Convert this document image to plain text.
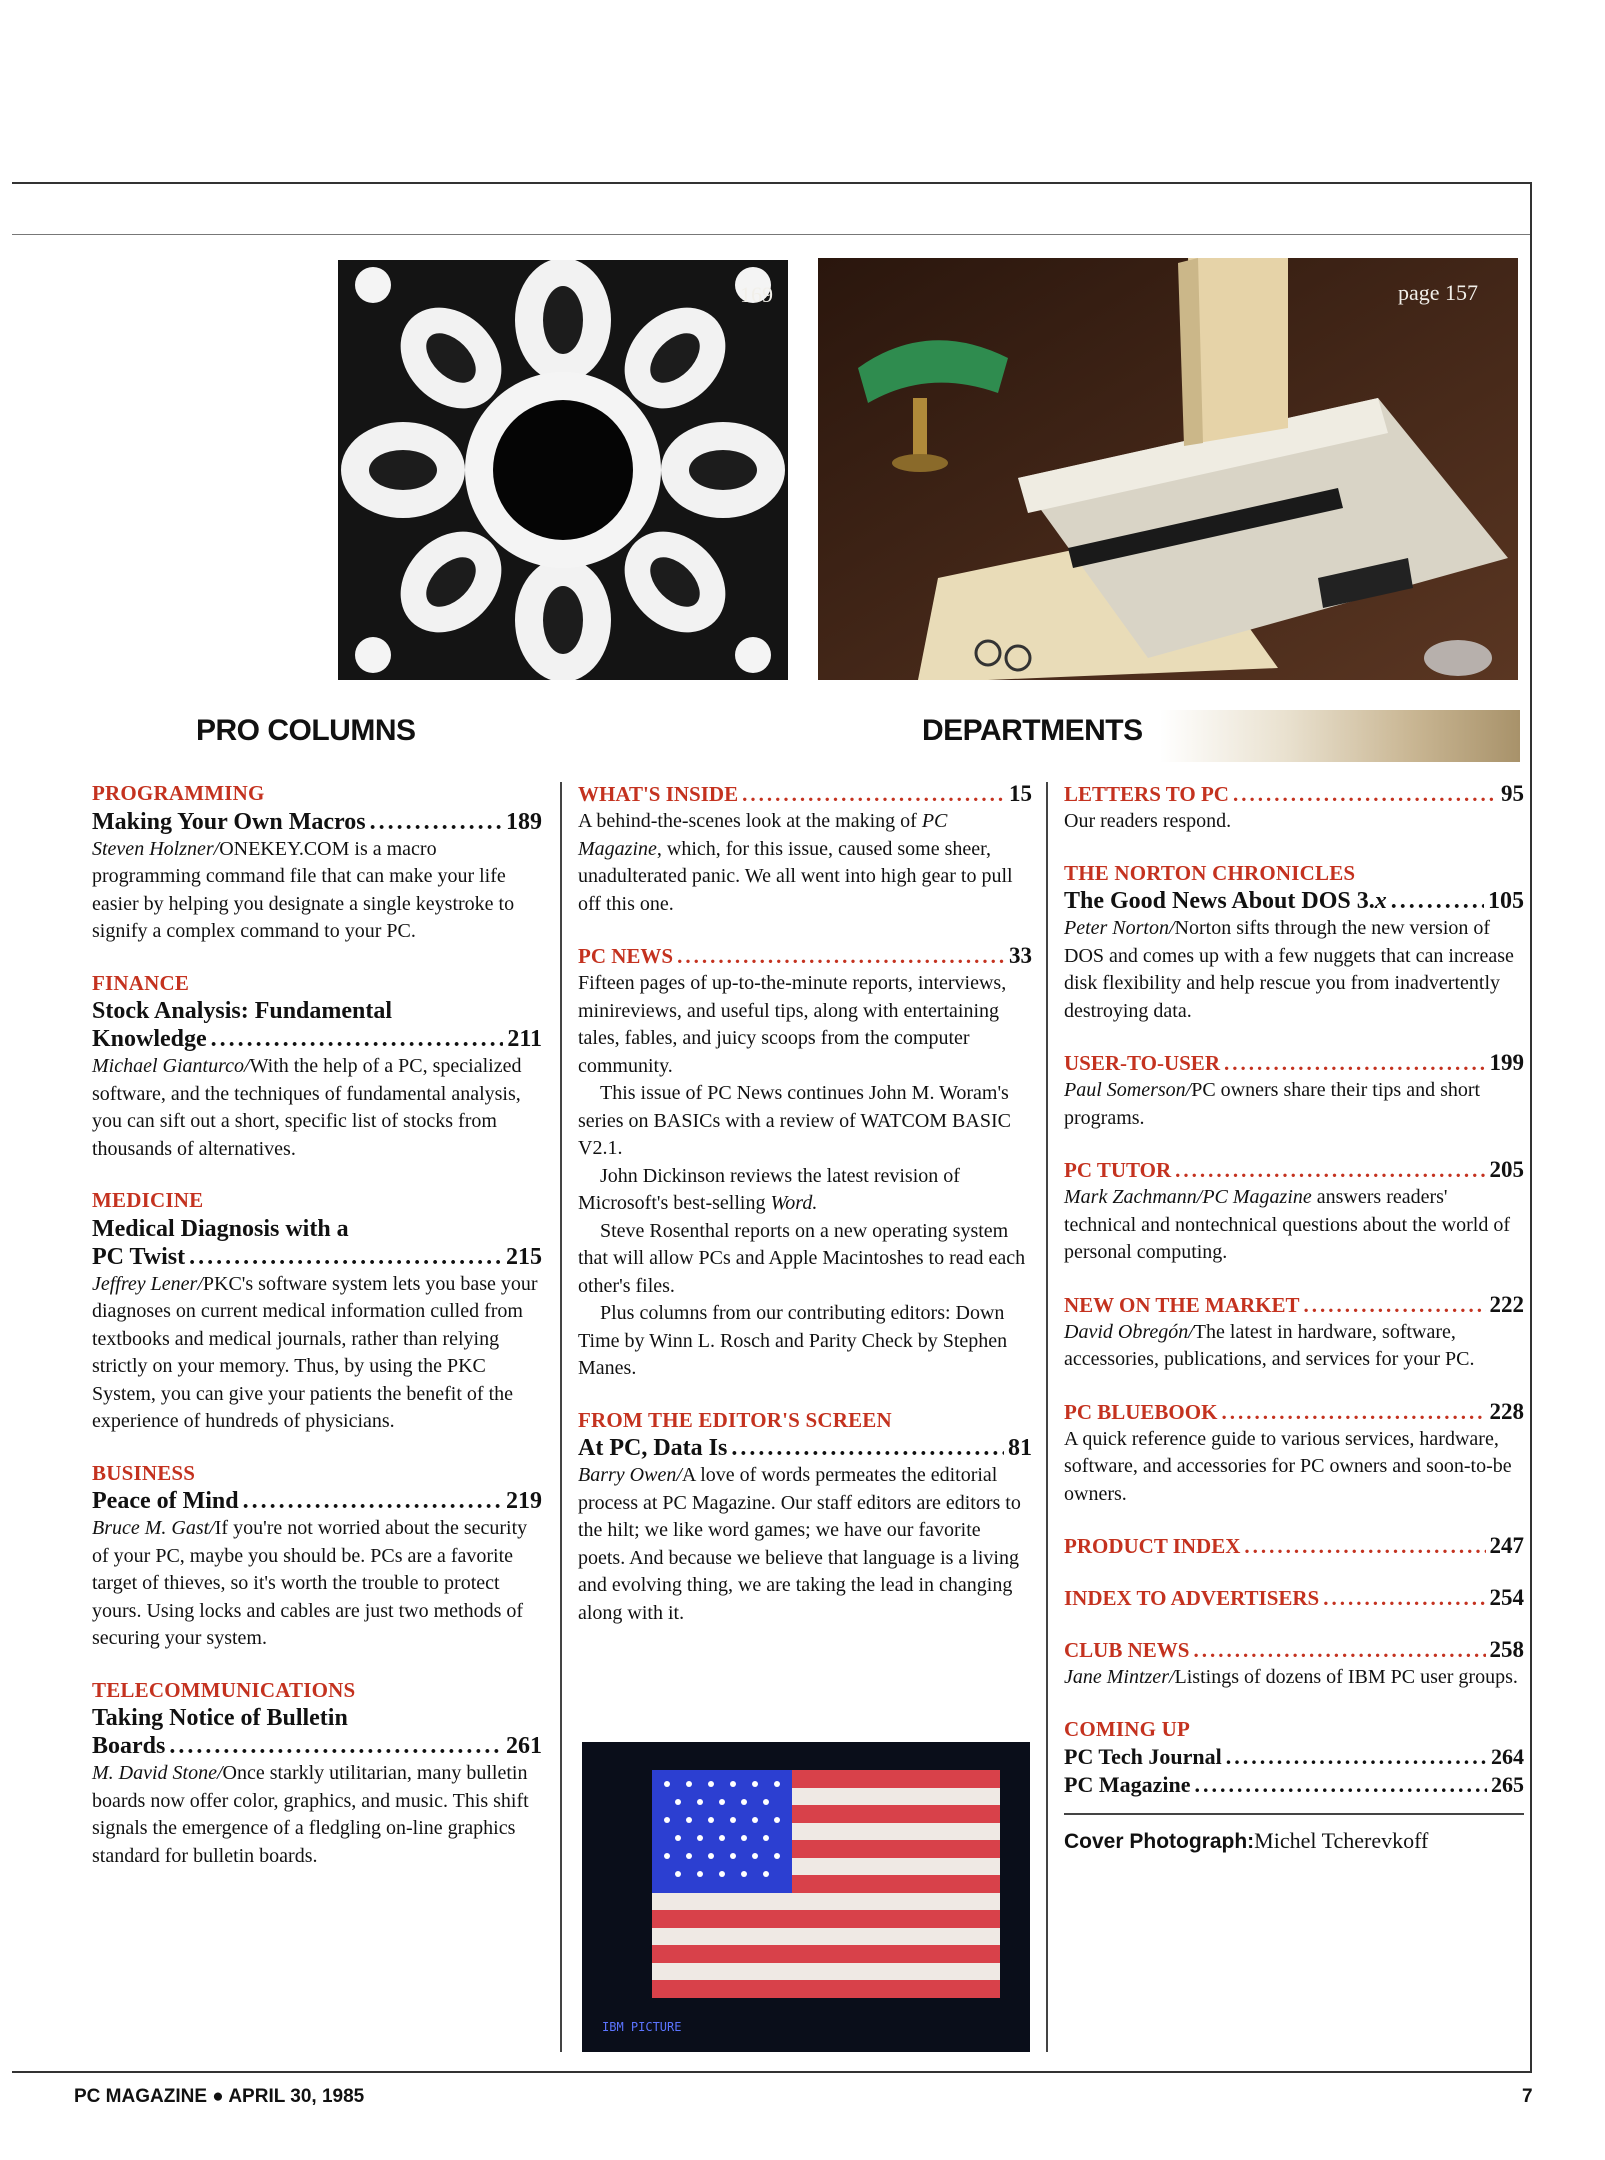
169	page 157
PRO COLUMNS	DEPARTMENTS
PROGRAMMING
Making Your Own Macros .....	189
Steven Holzner/ONEKEY.COM is a macro programming command file that can make your life easier by helping you designate a single keystroke to signify a complex command to your PC.
FINANCE
Stock Analysis: Fundamental
Knowledge .....	211
Michael Gianturco/With the help of a PC, specialized software, and the techniques of fundamental analysis, you can sift out a short, specific list of stocks from thousands of alternatives.
MEDICINE
Medical Diagnosis with a
PC Twist .....	215
Jeffrey Lener/PKC's software system lets you base your diagnoses on current medical information culled from textbooks and medical journals, rather than relying strictly on your memory. Thus, by using the PKC System, you can give your patients the benefit of the experience of hundreds of physicians.
BUSINESS
Peace of Mind .....	219
Bruce M. Gast/If you're not worried about the security of your PC, maybe you should be. PCs are a favorite target of thieves, so it's worth the trouble to protect yours. Using locks and cables are just two methods of securing your system.
TELECOMMUNICATIONS
Taking Notice of Bulletin
Boards .....	261
M. David Stone/Once starkly utilitarian, many bulletin boards now offer color, graphics, and music. This shift signals the emergence of a fledgling on-line graphics standard for bulletin boards.
WHAT'S INSIDE .....	15
A behind-the-scenes look at the making of PC Magazine, which, for this issue, caused some sheer, unadulterated panic. We all went into high gear to pull off this one.
PC NEWS .....	33
Fifteen pages of up-to-the-minute reports, interviews, minireviews, and useful tips, along with entertaining tales, fables, and juicy scoops from the computer community.
This issue of PC News continues John M. Woram's series on BASICs with a review of WATCOM BASIC V2.1.
John Dickinson reviews the latest revision of Microsoft's best-selling Word.
Steve Rosenthal reports on a new operating system that will allow PCs and Apple Macintoshes to read each other's files.
Plus columns from our contributing editors: Down Time by Winn L. Rosch and Parity Check by Stephen Manes.
FROM THE EDITOR'S SCREEN
At PC, Data Is .....	81
Barry Owen/A love of words permeates the editorial process at PC Magazine. Our staff editors are editors to the hilt; we like word games; we have our favorite poets. And because we believe that language is a living and evolving thing, we are taking the lead in changing along with it.
IBM PICTURE
LETTERS TO PC .....	95
Our readers respond.
THE NORTON CHRONICLES
The Good News About DOS 3.x .....	105
Peter Norton/Norton sifts through the new version of DOS and comes up with a few nuggets that can increase disk flexibility and help rescue you from inadvertently destroying data.
USER-TO-USER .....	199
Paul Somerson/PC owners share their tips and short programs.
PC TUTOR .....	205
Mark Zachmann/PC Magazine answers readers' technical and nontechnical questions about the world of personal computing.
NEW ON THE MARKET .....	222
David Obregón/The latest in hardware, software, accessories, publications, and services for your PC.
PC BLUEBOOK .....	228
A quick reference guide to various services, hardware, software, and accessories for PC owners and soon-to-be owners.
PRODUCT INDEX .....	247
INDEX TO ADVERTISERS .....	254
CLUB NEWS .....	258
Jane Mintzer/Listings of dozens of IBM PC user groups.
COMING UP
PC Tech Journal .....	264
PC Magazine .....	265
Cover Photograph:Michel Tcherevkoff
PC MAGAZINE ● APRIL 30, 1985	7
